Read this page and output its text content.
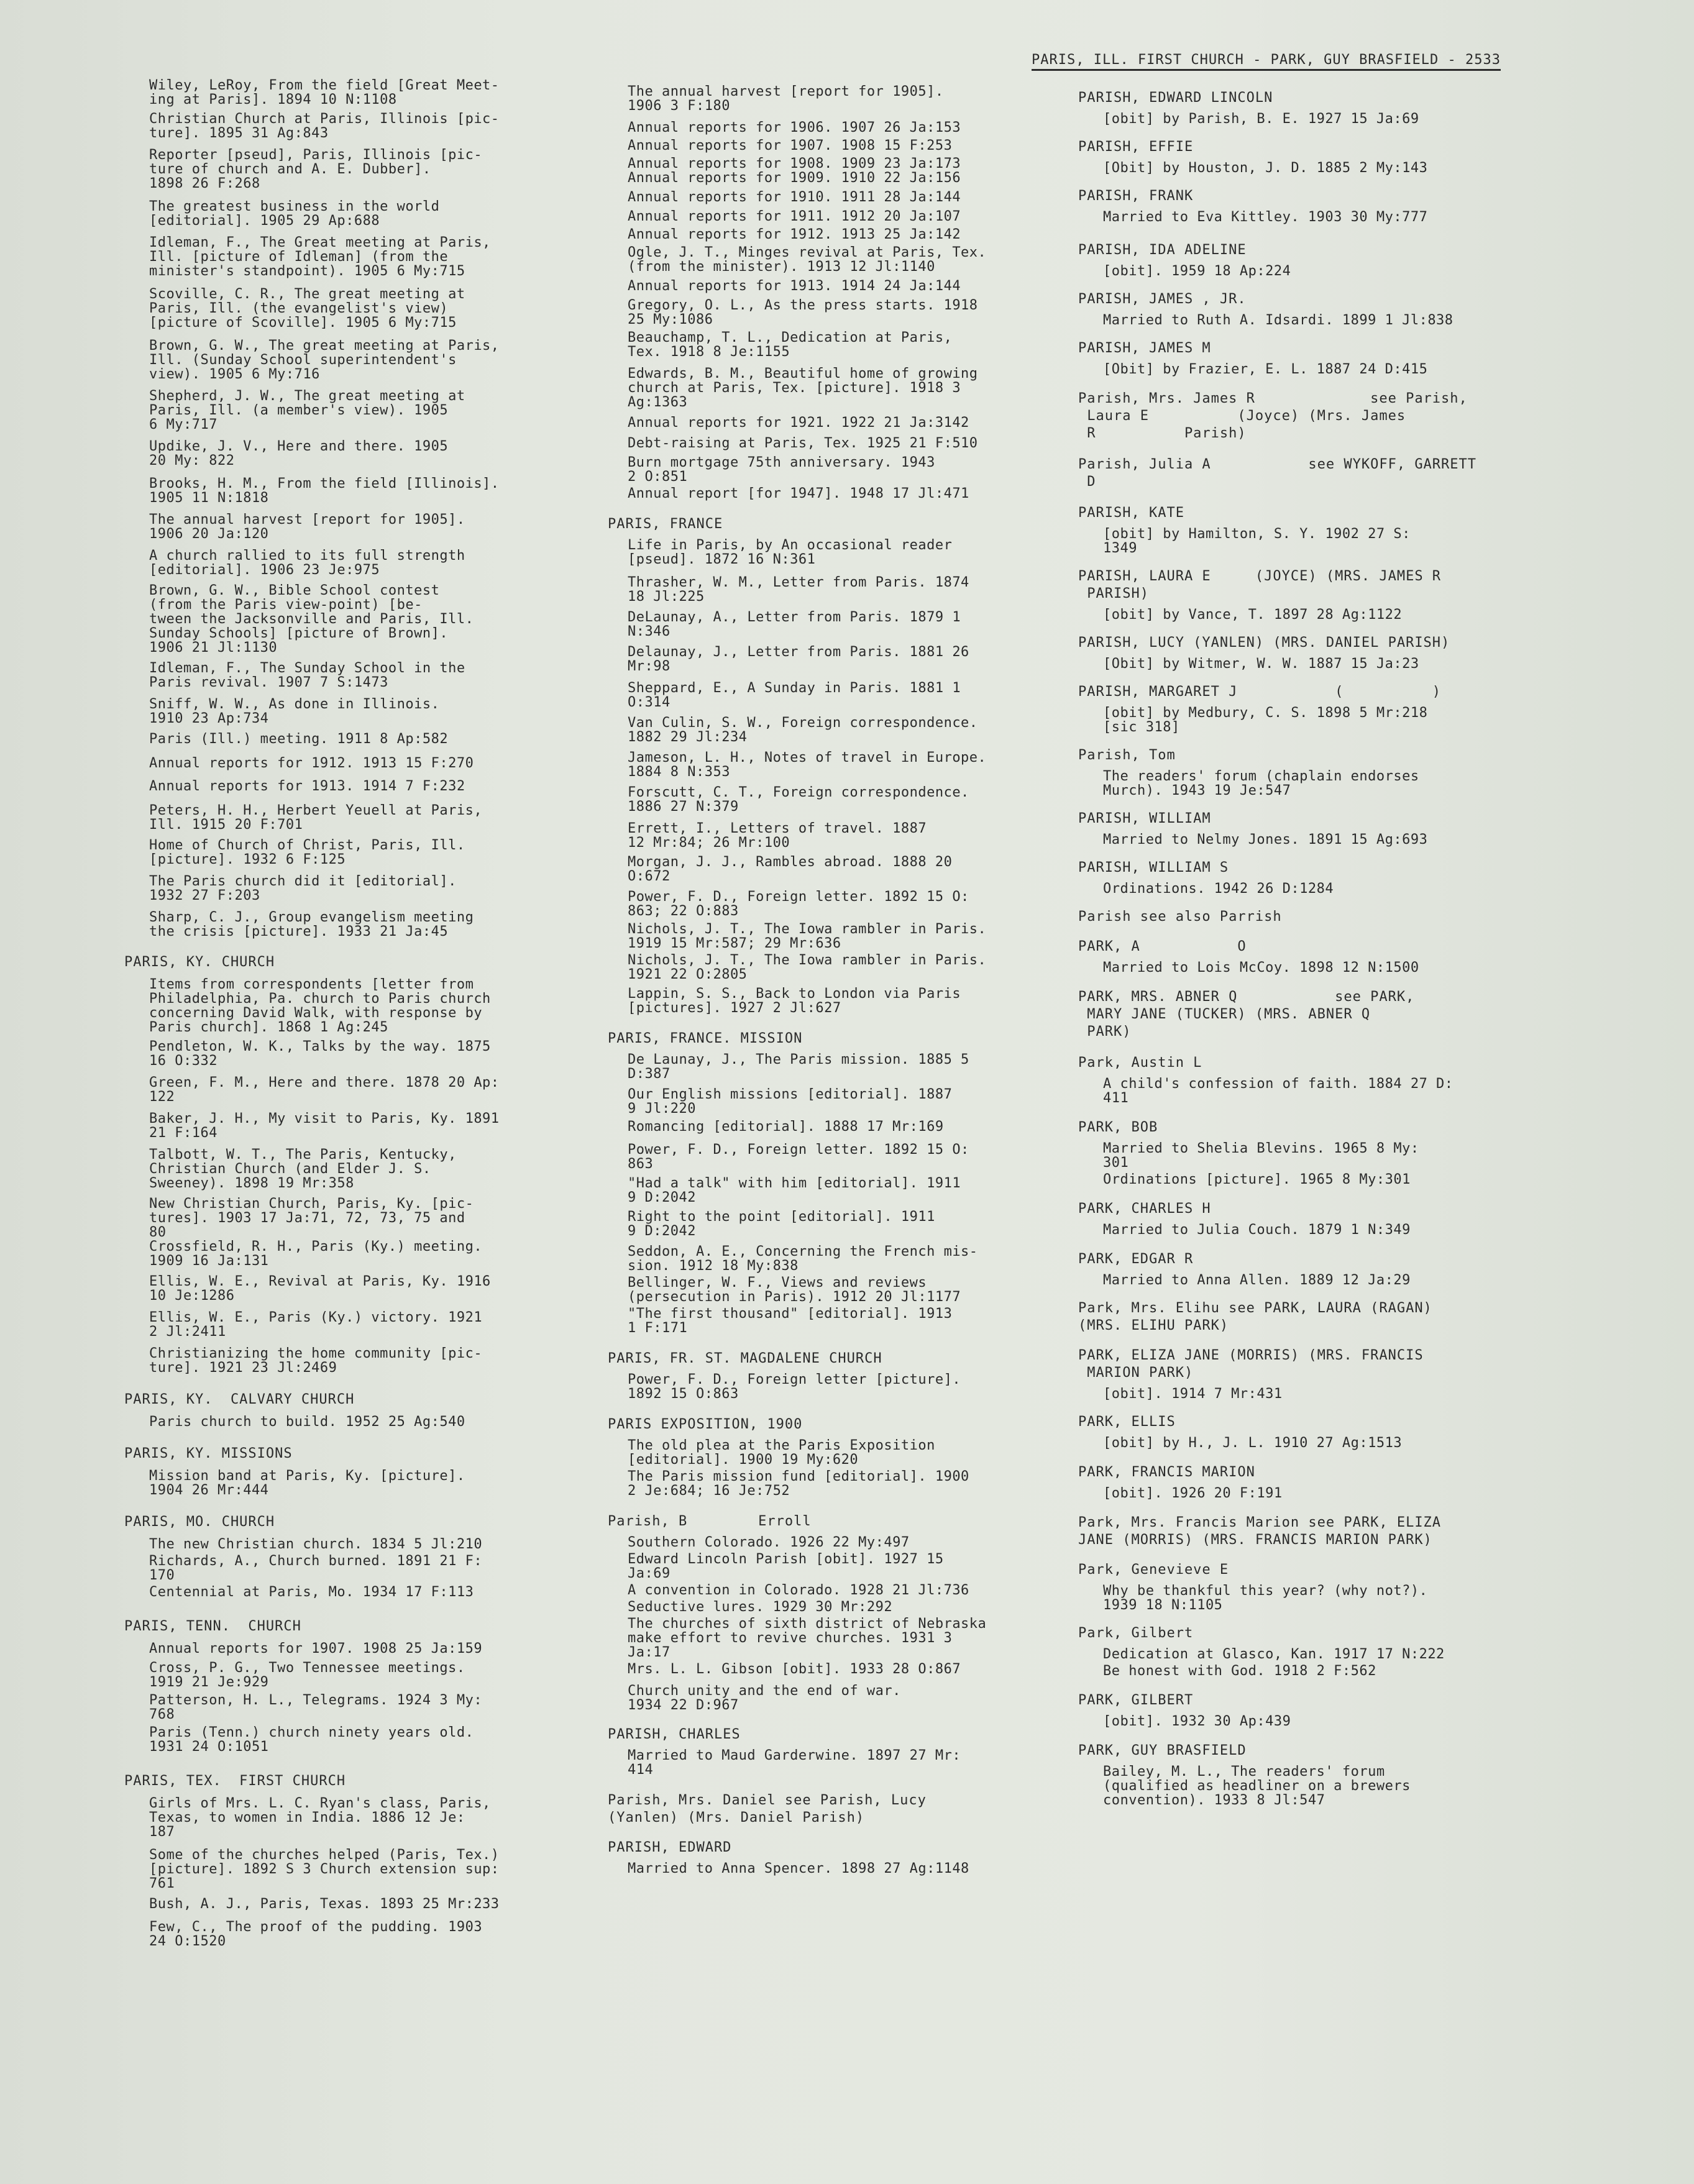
PARIS, ILL. FIRST CHURCH - PARK, GUY BRASFIELD - 2533
Wiley, LeRoy, From the field [Great Meet-
ing at Paris]. 1894 10 N:1108
Christian Church at Paris, Illinois [pic-
ture]. 1895 31 Ag:843
Reporter [pseud], Paris, Illinois [pic-
ture of church and A. E. Dubber].
1898 26 F:268
The greatest business in the world
[editorial]. 1905 29 Ap:688
Idleman, F., The Great meeting at Paris,
Ill. [picture of Idleman] (from the
minister's standpoint). 1905 6 My:715
Scoville, C. R., The great meeting at
Paris, Ill. (the evangelist's view)
[picture of Scoville]. 1905 6 My:715
Brown, G. W., The great meeting at Paris,
Ill. (Sunday School superintendent's
view). 1905 6 My:716
Shepherd, J. W., The great meeting at
Paris, Ill. (a member's view). 1905
6 My:717
Updike, J. V., Here and there. 1905
20 My: 822
Brooks, H. M., From the field [Illinois].
1905 11 N:1818
The annual harvest [report for 1905].
1906 20 Ja:120
A church rallied to its full strength
[editorial]. 1906 23 Je:975
Brown, G. W., Bible School contest
(from the Paris view-point) [be-
tween the Jacksonville and Paris, Ill.
Sunday Schools] [picture of Brown].
1906 21 Jl:1130
Idleman, F., The Sunday School in the
Paris revival. 1907 7 S:1473
Sniff, W. W., As done in Illinois.
1910 23 Ap:734
Paris (Ill.) meeting. 1911 8 Ap:582
Annual reports for 1912. 1913 15 F:270
Annual reports for 1913. 1914 7 F:232
Peters, H. H., Herbert Yeuell at Paris,
Ill. 1915 20 F:701
Home of Church of Christ, Paris, Ill.
[picture]. 1932 6 F:125
The Paris church did it [editorial].
1932 27 F:203
Sharp, C. J., Group evangelism meeting
the crisis [picture]. 1933 21 Ja:45
PARIS, KY. CHURCH
Items from correspondents [letter from
Philadelphia, Pa. church to Paris church
concerning David Walk, with response by
Paris church]. 1868 1 Ag:245
Pendleton, W. K., Talks by the way. 1875
16 O:332
Green, F. M., Here and there. 1878 20 Ap:
122
Baker, J. H., My visit to Paris, Ky. 1891
21 F:164
Talbott, W. T., The Paris, Kentucky,
Christian Church (and Elder J. S.
Sweeney). 1898 19 Mr:358
New Christian Church, Paris, Ky. [pic-
tures]. 1903 17 Ja:71, 72, 73, 75 and
80
Crossfield, R. H., Paris (Ky.) meeting.
1909 16 Ja:131
Ellis, W. E., Revival at Paris, Ky. 1916
10 Je:1286
Ellis, W. E., Paris (Ky.) victory. 1921
2 Jl:2411
Christianizing the home community [pic-
ture]. 1921 23 Jl:2469
PARIS, KY.  CALVARY CHURCH
Paris church to build. 1952 25 Ag:540
PARIS, KY. MISSIONS
Mission band at Paris, Ky. [picture].
1904 26 Mr:444
PARIS, MO. CHURCH
The new Christian church. 1834 5 Jl:210
Richards, A., Church burned. 1891 21 F:
170
Centennial at Paris, Mo. 1934 17 F:113
PARIS, TENN.  CHURCH
Annual reports for 1907. 1908 25 Ja:159
Cross, P. G., Two Tennessee meetings.
1919 21 Je:929
Patterson, H. L., Telegrams. 1924 3 My:
768
Paris (Tenn.) church ninety years old.
1931 24 O:1051
PARIS, TEX.  FIRST CHURCH
Girls of Mrs. L. C. Ryan's class, Paris,
Texas, to women in India. 1886 12 Je:
187
Some of the churches helped (Paris, Tex.)
[picture]. 1892 S 3 Church extension sup:
761
Bush, A. J., Paris, Texas. 1893 25 Mr:233
Few, C., The proof of the pudding. 1903
24 O:1520
The annual harvest [report for 1905].
1906 3 F:180
Annual reports for 1906. 1907 26 Ja:153
Annual reports for 1907. 1908 15 F:253
Annual reports for 1908. 1909 23 Ja:173
Annual reports for 1909. 1910 22 Ja:156
Annual reports for 1910. 1911 28 Ja:144
Annual reports for 1911. 1912 20 Ja:107
Annual reports for 1912. 1913 25 Ja:142
Ogle, J. T., Minges revival at Paris, Tex.
(from the minister). 1913 12 Jl:1140
Annual reports for 1913. 1914 24 Ja:144
Gregory, O. L., As the press starts. 1918
25 My:1086
Beauchamp, T. L., Dedication at Paris,
Tex. 1918 8 Je:1155
Edwards, B. M., Beautiful home of growing
church at Paris, Tex. [picture]. 1918 3
Ag:1363
Annual reports for 1921. 1922 21 Ja:3142
Debt-raising at Paris, Tex. 1925 21 F:510
Burn mortgage 75th anniversary. 1943
2 O:851
Annual report [for 1947]. 1948 17 Jl:471
PARIS, FRANCE
Life in Paris, by An occasional reader
[pseud]. 1872 16 N:361
Thrasher, W. M., Letter from Paris. 1874
18 Jl:225
DeLaunay, A., Letter from Paris. 1879 1
N:346
Delaunay, J., Letter from Paris. 1881 26
Mr:98
Sheppard, E., A Sunday in Paris. 1881 1
O:314
Van Culin, S. W., Foreign correspondence.
1882 29 Jl:234
Jameson, L. H., Notes of travel in Europe.
1884 8 N:353
Forscutt, C. T., Foreign correspondence.
1886 27 N:379
Errett, I., Letters of travel. 1887
12 Mr:84; 26 Mr:100
Morgan, J. J., Rambles abroad. 1888 20
O:672
Power, F. D., Foreign letter. 1892 15 O:
863; 22 O:883
Nichols, J. T., The Iowa rambler in Paris.
1919 15 Mr:587; 29 Mr:636
Nichols, J. T., The Iowa rambler in Paris.
1921 22 O:2805
Lappin, S. S., Back to London via Paris
[pictures]. 1927 2 Jl:627
PARIS, FRANCE. MISSION
De Launay, J., The Paris mission. 1885 5
D:387
Our English missions [editorial]. 1887
9 Jl:220
Romancing [editorial]. 1888 17 Mr:169
Power, F. D., Foreign letter. 1892 15 O:
863
"Had a talk" with him [editorial]. 1911
9 D:2042
Right to the point [editorial]. 1911
9 D:2042
Seddon, A. E., Concerning the French mis-
sion. 1912 18 My:838
Bellinger, W. F., Views and reviews
(persecution in Paris). 1912 20 Jl:1177
"The first thousand" [editorial]. 1913
1 F:171
PARIS, FR. ST. MAGDALENE CHURCH
Power, F. D., Foreign letter [picture].
1892 15 O:863
PARIS EXPOSITION, 1900
The old plea at the Paris Exposition
[editorial]. 1900 19 My:620
The Paris mission fund [editorial]. 1900
2 Je:684; 16 Je:752
Parish, B        Erroll
Southern Colorado. 1926 22 My:497
Edward Lincoln Parish [obit]. 1927 15
Ja:69
A convention in Colorado. 1928 21 Jl:736
Seductive lures. 1929 30 Mr:292
The churches of sixth district of Nebraska
make effort to revive churches. 1931 3
Ja:17
Mrs. L. L. Gibson [obit]. 1933 28 O:867
Church unity and the end of war.
1934 22 D:967
PARISH, CHARLES
Married to Maud Garderwine. 1897 27 Mr:
414
Parish, Mrs. Daniel see Parish, Lucy
(Yanlen) (Mrs. Daniel Parish)
PARISH, EDWARD
Married to Anna Spencer. 1898 27 Ag:1148
PARISH, EDWARD LINCOLN
[obit] by Parish, B. E. 1927 15 Ja:69
PARISH, EFFIE
[Obit] by Houston, J. D. 1885 2 My:143
PARISH, FRANK
Married to Eva Kittley. 1903 30 My:777
PARISH, IDA ADELINE
[obit]. 1959 18 Ap:224
PARISH, JAMES , JR.
Married to Ruth A. Idsardi. 1899 1 Jl:838
PARISH, JAMES M
[Obit] by Frazier, E. L. 1887 24 D:415
Parish, Mrs. James R             see Parish,
Laura E          (Joyce) (Mrs. James
R          Parish)
Parish, Julia A           see WYKOFF, GARRETT
D
PARISH, KATE
[obit] by Hamilton, S. Y. 1902 27 S:
1349
PARISH, LAURA E     (JOYCE) (MRS. JAMES R
PARISH)
[obit] by Vance, T. 1897 28 Ag:1122
PARISH, LUCY (YANLEN) (MRS. DANIEL PARISH)
[Obit] by Witmer, W. W. 1887 15 Ja:23
PARISH, MARGARET J           (          )
[obit] by Medbury, C. S. 1898 5 Mr:218
[sic 318]
Parish, Tom
The readers' forum (chaplain endorses
Murch). 1943 19 Je:547
PARISH, WILLIAM
Married to Nelmy Jones. 1891 15 Ag:693
PARISH, WILLIAM S
Ordinations. 1942 26 D:1284
Parish see also Parrish
PARK, A           O
Married to Lois McCoy. 1898 12 N:1500
PARK, MRS. ABNER Q           see PARK,
MARY JANE (TUCKER) (MRS. ABNER Q
PARK)
Park, Austin L
A child's confession of faith. 1884 27 D:
411
PARK, BOB
Married to Shelia Blevins. 1965 8 My:
301
Ordinations [picture]. 1965 8 My:301
PARK, CHARLES H
Married to Julia Couch. 1879 1 N:349
PARK, EDGAR R
Married to Anna Allen. 1889 12 Ja:29
Park, Mrs. Elihu see PARK, LAURA (RAGAN)
(MRS. ELIHU PARK)
PARK, ELIZA JANE (MORRIS) (MRS. FRANCIS
MARION PARK)
[obit]. 1914 7 Mr:431
PARK, ELLIS
[obit] by H., J. L. 1910 27 Ag:1513
PARK, FRANCIS MARION
[obit]. 1926 20 F:191
Park, Mrs. Francis Marion see PARK, ELIZA
JANE (MORRIS) (MRS. FRANCIS MARION PARK)
Park, Genevieve E
Why be thankful this year? (why not?).
1939 18 N:1105
Park, Gilbert
Dedication at Glasco, Kan. 1917 17 N:222
Be honest with God. 1918 2 F:562
PARK, GILBERT
[obit]. 1932 30 Ap:439
PARK, GUY BRASFIELD
Bailey, M. L., The readers' forum
(qualified as headliner on a brewers
convention). 1933 8 Jl:547
